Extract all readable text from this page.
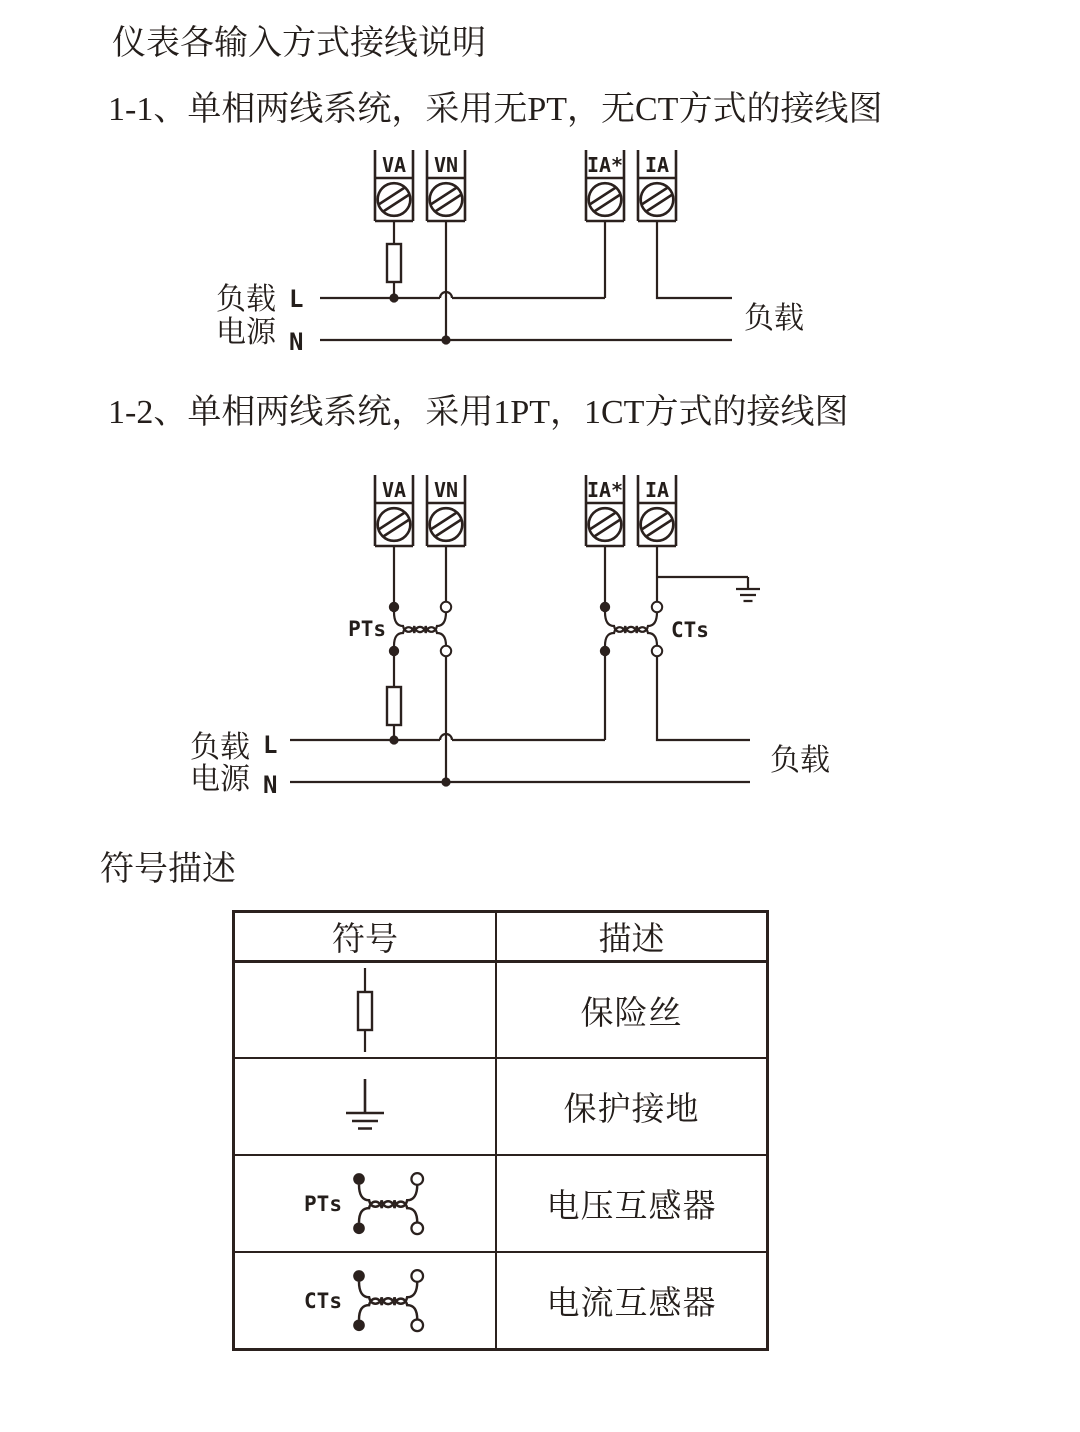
仪表各输入方式接线说明
1-1、单相两线系统，采用无PT，无CT方式的接线图
1-2、单相两线系统，采用1PT，1CT方式的接线图
符号描述
VA VN	IA* IA
负载
电源
L
N
负载
VA VN	IA* IA
PTs	CTs
负载
电源
L
N
负载
符号	描述
保险丝
保护接地
PTs	电压互感器
CTs	电流互感器
